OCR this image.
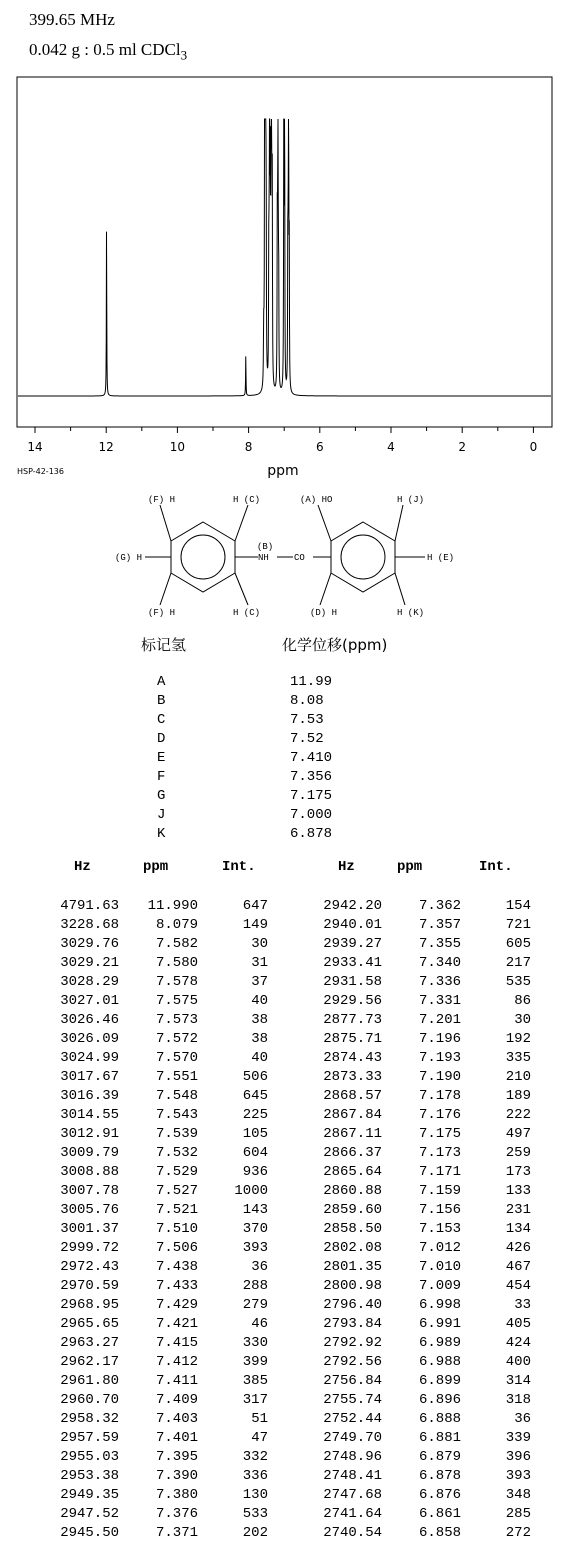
399.65 MHz
0.042 g : 0.5 ml CDCl$_3$
14	12	10	8	6	4	2	0
ppm
HSP-42-136
(F) H	H (C)	(A) HO	H (J)
(G) H
(B)
NH	CO	H (E)
(F) H	H (C)	(D) H	H (K)
标记氢	化学位移(ppm)
A	11.99
B	8.08
C	7.53
D	7.52
E	7.410
F	7.356
G	7.175
J	7.000
K	6.878
Hz	ppm	Int.	Hz	ppm	Int.
4791.63 11.990	647	2942.20	7.362	154
3228.68	8.079	149	2940.01	7.357	721
3029.76	7.582	30	2939.27	7.355	605
3029.21	7.580	31	2933.41	7.340	217
3028.29	7.578	37	2931.58	7.336	535
3027.01	7.575	40	2929.56	7.331	86
3026.46	7.573	38	2877.73	7.201	30
3026.09	7.572	38	2875.71	7.196	192
3024.99	7.570	40	2874.43	7.193	335
3017.67	7.551	506	2873.33	7.190	210
3016.39	7.548	645	2868.57	7.178	189
3014.55	7.543	225	2867.84	7.176	222
3012.91	7.539	105	2867.11	7.175	497
3009.79	7.532	604	2866.37	7.173	259
3008.88	7.529	936	2865.64	7.171	173
3007.78	7.527	1000	2860.88	7.159	133
3005.76	7.521	143	2859.60	7.156	231
3001.37	7.510	370	2858.50	7.153	134
2999.72	7.506	393	2802.08	7.012	426
2972.43	7.438	36	2801.35	7.010	467
2970.59	7.433	288	2800.98	7.009	454
2968.95	7.429	279	2796.40	6.998	33
2965.65	7.421	46	2793.84	6.991	405
2963.27	7.415	330	2792.92	6.989	424
2962.17	7.412	399	2792.56	6.988	400
2961.80	7.411	385	2756.84	6.899	314
2960.70	7.409	317	2755.74	6.896	318
2958.32	7.403	51	2752.44	6.888	36
2957.59	7.401	47	2749.70	6.881	339
2955.03	7.395	332	2748.96	6.879	396
2953.38	7.390	336	2748.41	6.878	393
2949.35	7.380	130	2747.68	6.876	348
2947.52	7.376	533	2741.64	6.861	285
2945.50	7.371	202	2740.54	6.858	272
